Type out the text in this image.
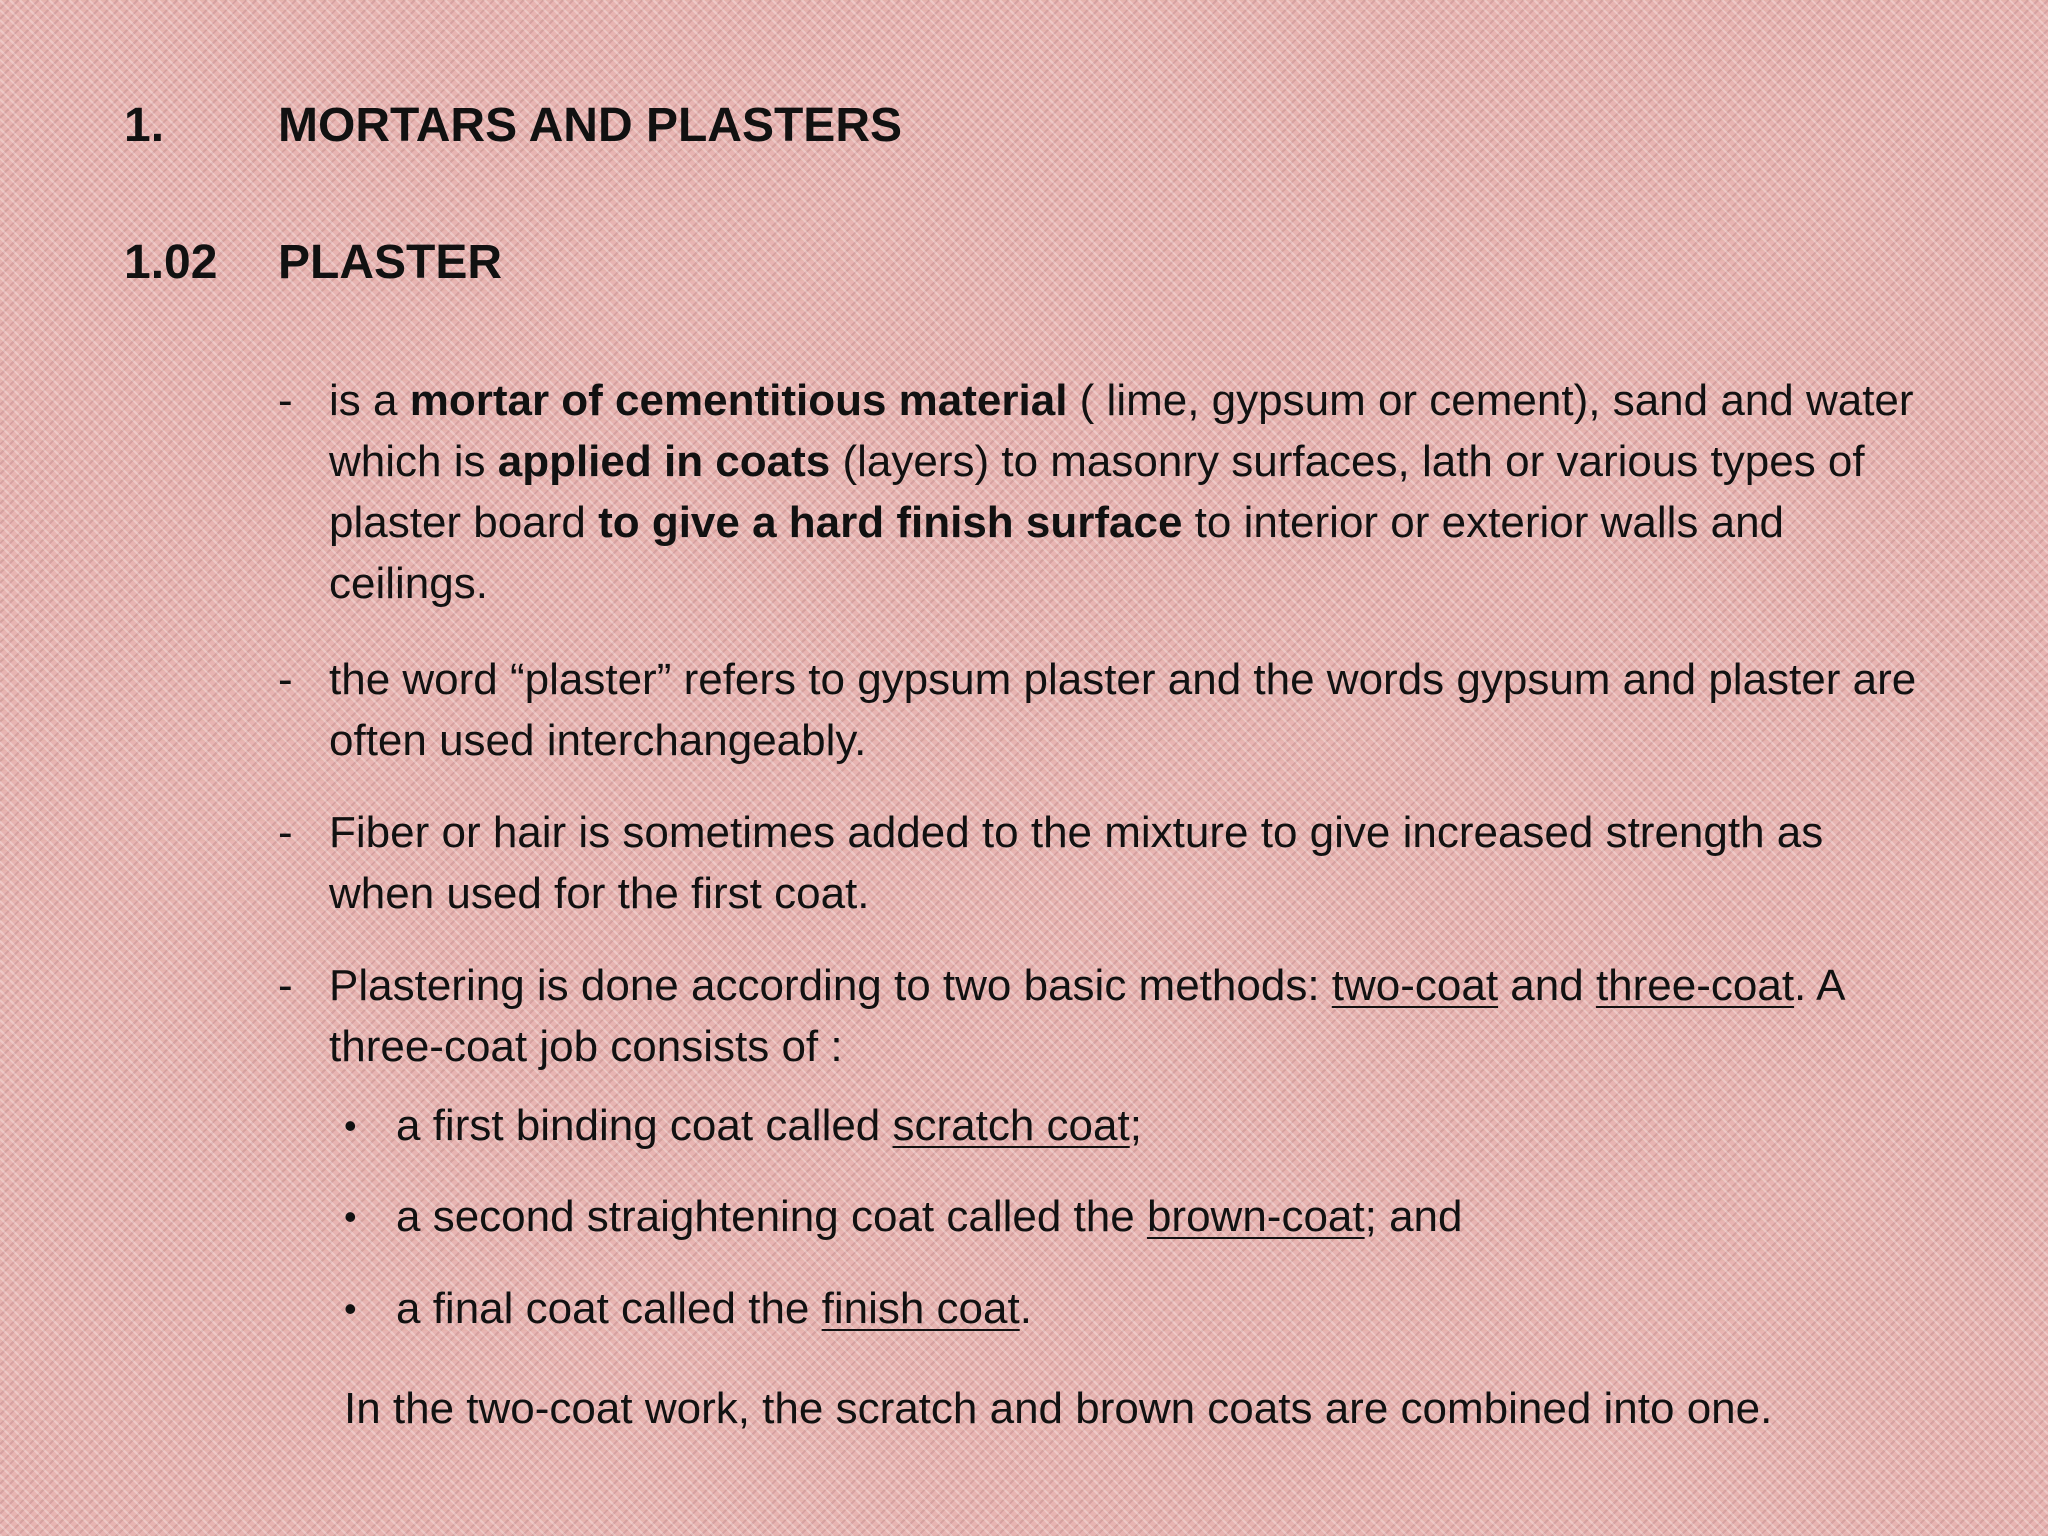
1. MORTARS AND PLASTERS
1.02 PLASTER
- is a mortar of cementitious material ( lime, gypsum or cement), sand and water which is applied in coats (layers) to masonry surfaces, lath or various types of plaster board to give a hard finish surface to interior or exterior walls and ceilings.
- the word “plaster” refers to gypsum plaster and the words gypsum and plaster are often used interchangeably.
- Fiber or hair is sometimes added to the mixture to give increased strength as when used for the first coat.
- Plastering is done according to two basic methods: two-coat and three-coat. A three-coat job consists of :
• a first binding coat called scratch coat;
• a second straightening coat called the brown-coat; and
• a final coat called the finish coat.
In the two-coat work, the scratch and brown coats are combined into one.
